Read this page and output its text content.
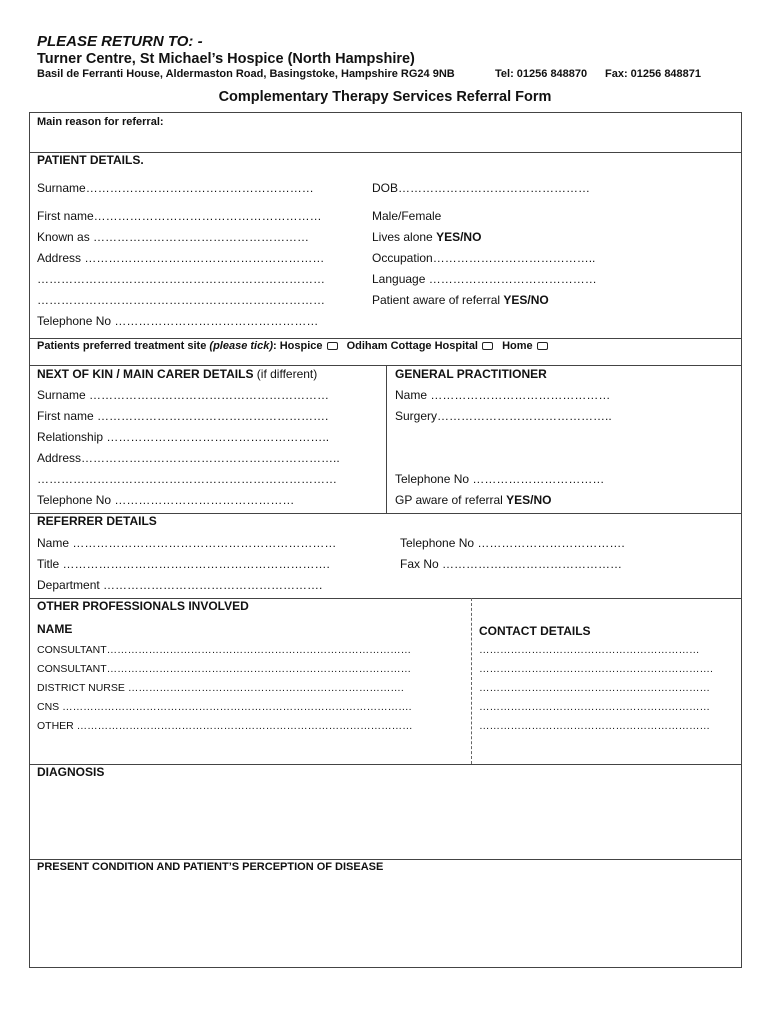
PLEASE RETURN TO: -
Turner Centre, St Michael’s Hospice (North Hampshire)
Basil de Ferranti House, Aldermaston Road, Basingstoke, Hampshire RG24 9NB	Tel: 01256 848870 Fax: 01256 848871
Complementary Therapy Services Referral Form
Main reason for referral:
PATIENT DETAILS.
Surname…………………………………………………	DOB…………………………………………
First name…………………………………………………	Male/Female
Known as ………………………………………………	Lives alone YES/NO
Address ……………………………………………………	Occupation…………………………………..
………………………………………………………………	Language ……………………………………
………………………………………………………………	Patient aware of referral YES/NO
Telephone No ……………………………………………
Patients preferred treatment site (please tick): Hospice Odiham Cottage Hospital Home
NEXT OF KIN / MAIN CARER DETAILS (if different)
Surname ……………………………………………………
First name ………………………………………………….
Relationship ………………………………………………..
Address………………………………………………………..
…………………………………………………………………
Telephone No ………………………………………
GENERAL PRACTITIONER
Name ………………………………………
Surgery……………………………………..
Telephone No ……………………………
GP aware of referral YES/NO
REFERRER DETAILS
Name …………………………………………………………	Telephone No ……………………………….
Title ………………………………………………………….	Fax No ………………………………………
Department ……………………………………………….
OTHER PROFESSIONALS INVOLVED
NAME	CONTACT DETAILS
CONSULTANT……………………………………………………………………………	………………………………………………………
CONSULTANT……………………………………………………………………………	………………………………………………………….
DISTRICT NURSE …………………………………………………………………….	…………………………………………………………
CNS ……………………………………………………………………………………….	…………………………………………………………
OTHER ……………………………………………………………………………………	…………………………………………………………
DIAGNOSIS
PRESENT CONDITION AND PATIENT’S PERCEPTION OF DISEASE
